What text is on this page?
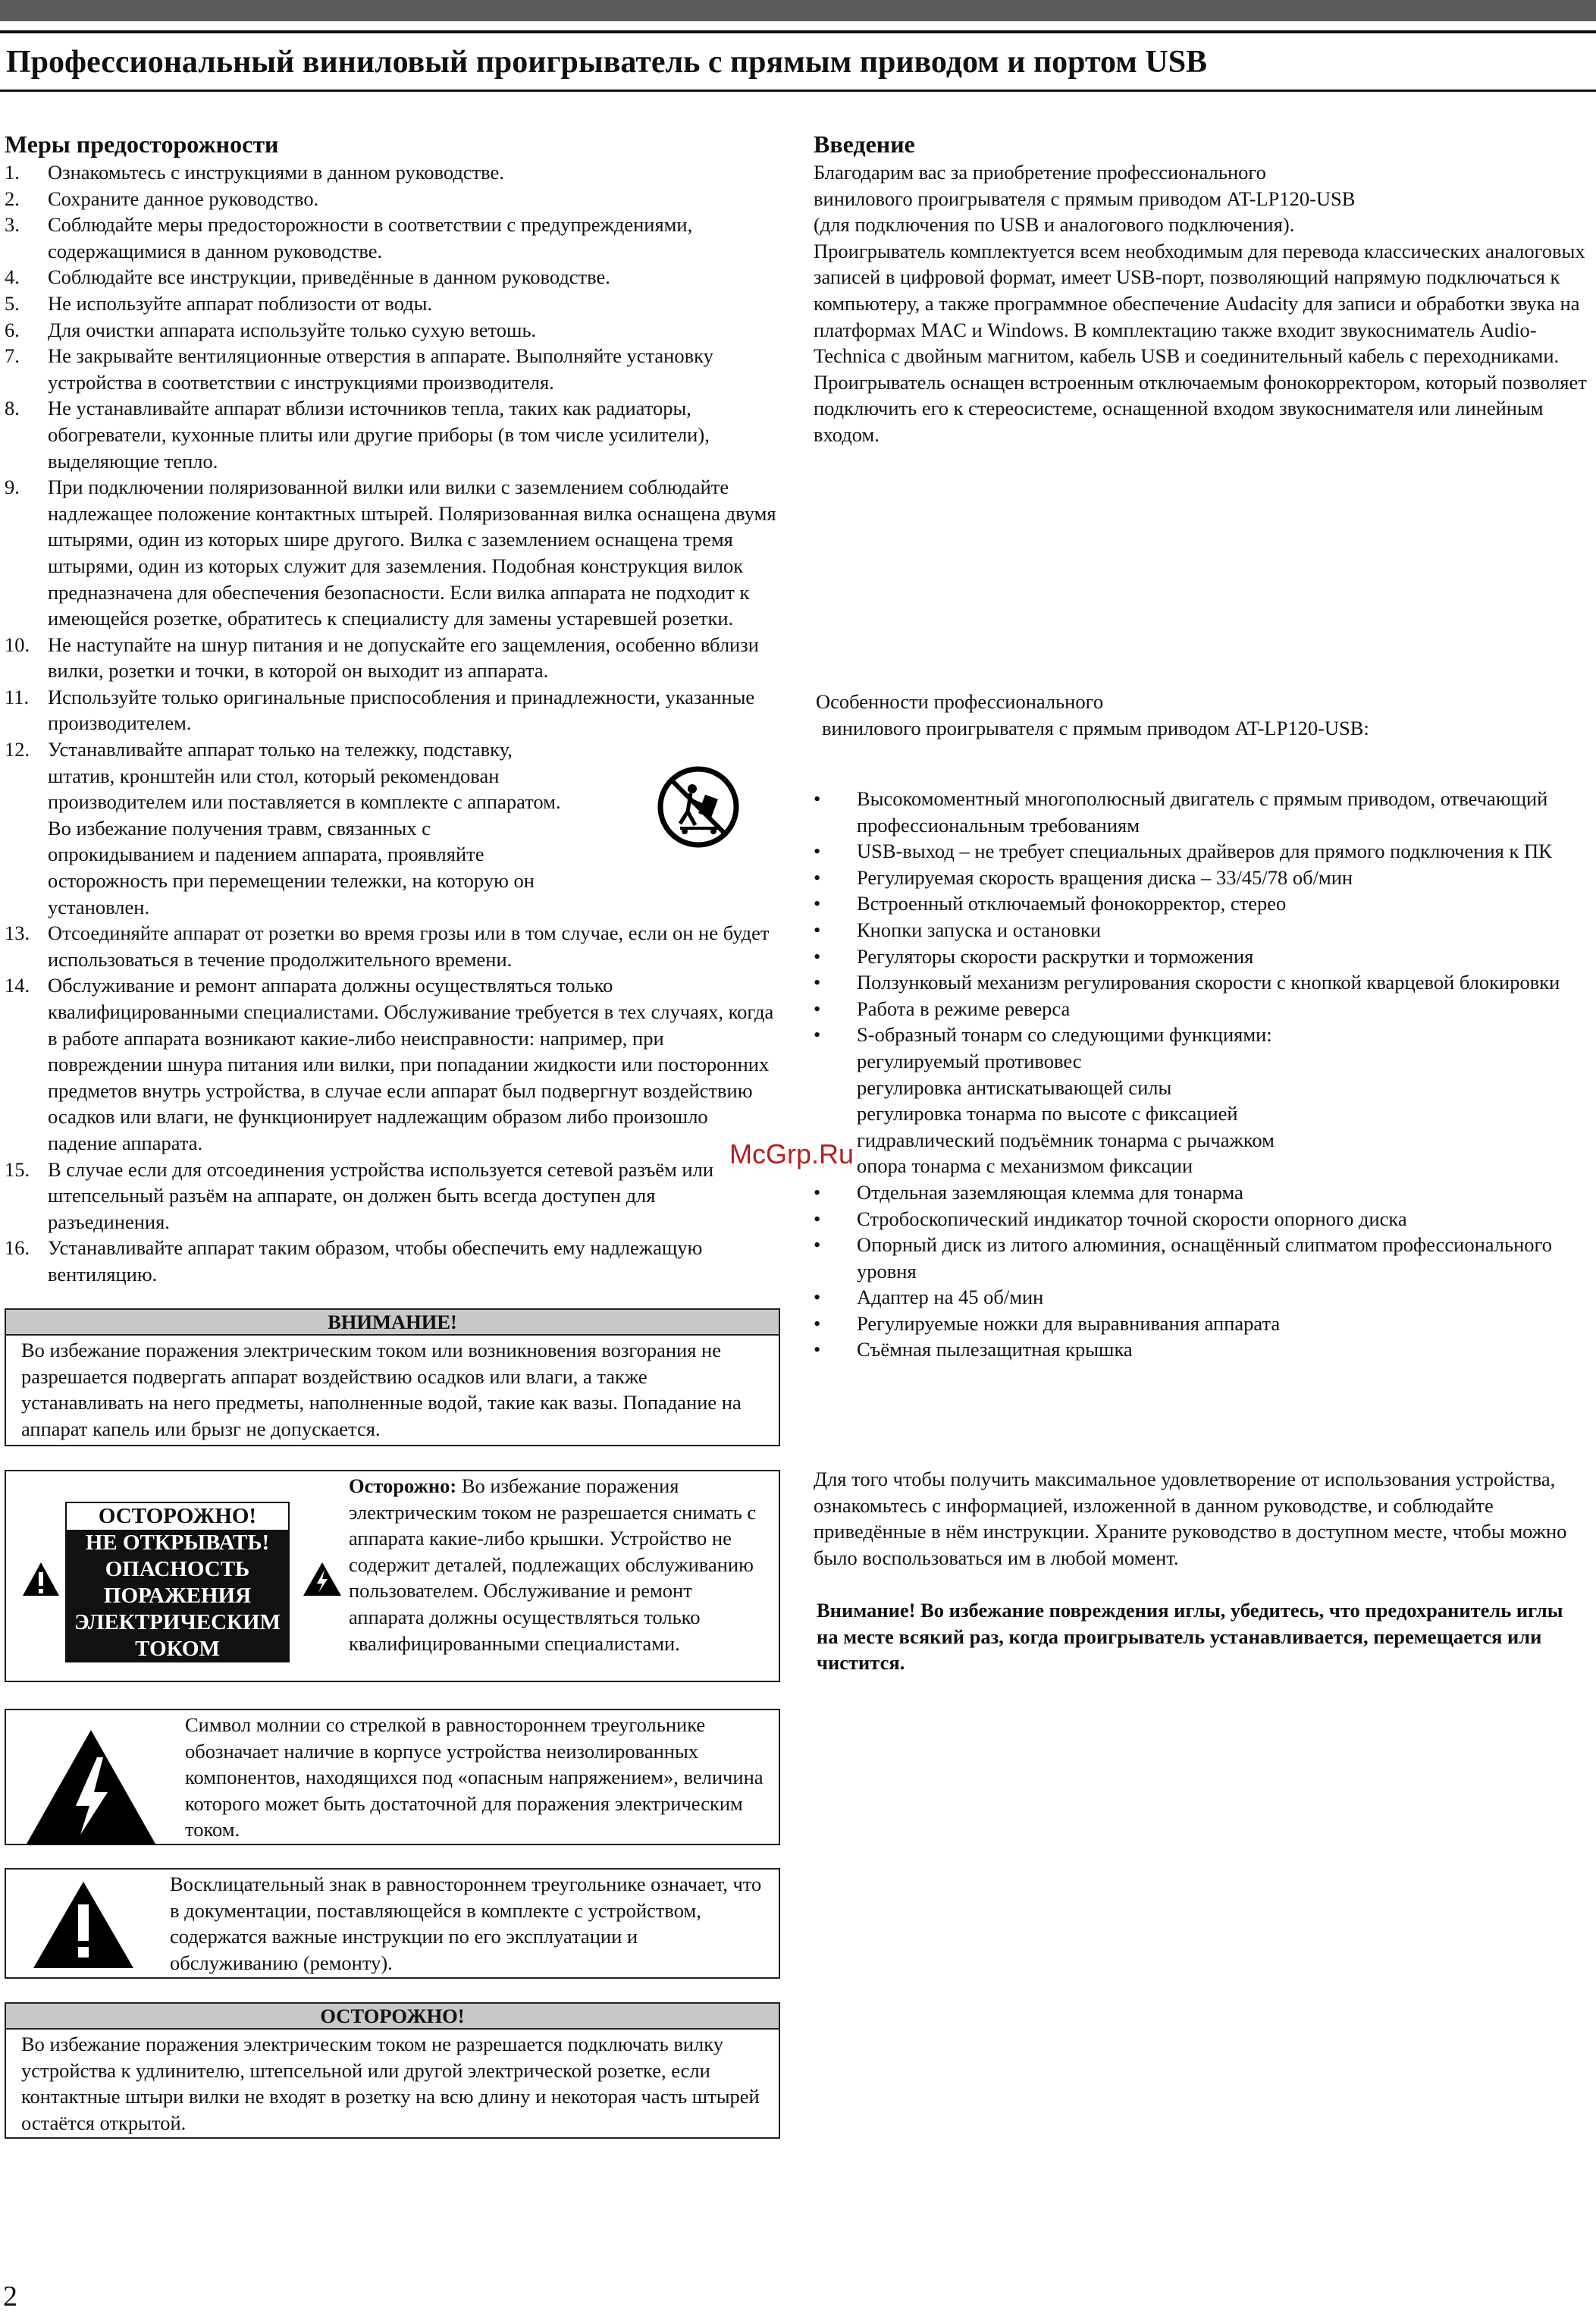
Профессиональный виниловый проигрыватель с прямым приводом и портом USB
Меры предосторожности
1. Ознакомьтесь с инструкциями в данном руководстве.
2. Сохраните данное руководство.
3. Соблюдайте меры предосторожности в соответствии с предупреждениями, содержащимися в данном руководстве.
4. Соблюдайте все инструкции, приведённые в данном руководстве.
5. Не используйте аппарат поблизости от воды.
6. Для очистки аппарата используйте только сухую ветошь.
7. Не закрывайте вентиляционные отверстия в аппарате. Выполняйте установку устройства в соответствии с инструкциями производителя.
8. Не устанавливайте аппарат вблизи источников тепла, таких как радиаторы, обогреватели, кухонные плиты или другие приборы (в том числе усилители), выделяющие тепло.
9. При подключении поляризованной вилки или вилки с заземлением соблюдайте надлежащее положение контактных штырей. Поляризованная вилка оснащена двумя штырями, один из которых шире другого. Вилка с заземлением оснащена тремя штырями, один из которых служит для заземления. Подобная конструкция вилок предназначена для обеспечения безопасности. Если вилка аппарата не подходит к имеющейся розетке, обратитесь к специалисту для замены устаревшей розетки.
10. Не наступайте на шнур питания и не допускайте его защемления, особенно вблизи вилки, розетки и точки, в которой он выходит из аппарата.
11. Используйте только оригинальные приспособления и принадлежности, указанные производителем.
12. Устанавливайте аппарат только на тележку, подставку, штатив, кронштейн или стол, который рекомендован производителем или поставляется в комплекте с аппаратом. Во избежание получения травм, связанных с опрокидыванием и падением аппарата, проявляйте осторожность при перемещении тележки, на которую он установлен.
13. Отсоединяйте аппарат от розетки во время грозы или в том случае, если он не будет использоваться в течение продолжительного времени.
14. Обслуживание и ремонт аппарата должны осуществляться только квалифицированными специалистами. Обслуживание требуется в тех случаях, когда в работе аппарата возникают какие-либо неисправности: например, при повреждении шнура питания или вилки, при попадании жидкости или посторонних предметов внутрь устройства, в случае если аппарат был подвергнут воздействию осадков или влаги, не функционирует надлежащим образом либо произошло падение аппарата.
15. В случае если для отсоединения устройства используется сетевой разъём или штепсельный разъём на аппарате, он должен быть всегда доступен для разъединения.
16. Устанавливайте аппарат таким образом, чтобы обеспечить ему надлежащую вентиляцию.
ВНИМАНИЕ!
Во избежание поражения электрическим током или возникновения возгорания не разрешается подвергать аппарат воздействию осадков или влаги, а также устанавливать на него предметы, наполненные водой, такие как вазы. Попадание на аппарат капель или брызг не допускается.
ОСТОРОЖНО!
НЕ ОТКРЫВАТЬ!
ОПАСНОСТЬ
ПОРАЖЕНИЯ
ЭЛЕКТРИЧЕСКИМ
ТОКОМ
Осторожно: Во избежание поражения электрическим током не разрешается снимать с аппарата какие-либо крышки. Устройство не содержит деталей, подлежащих обслуживанию пользователем. Обслуживание и ремонт аппарата должны осуществляться только квалифицированными специалистами.
Символ молнии со стрелкой в равностороннем треугольнике обозначает наличие в корпусе устройства неизолированных компонентов, находящихся под «опасным напряжением», величина которого может быть достаточной для поражения электрическим током.
Восклицательный знак в равностороннем треугольнике означает, что в документации, поставляющейся в комплекте с устройством, содержатся важные инструкции по его эксплуатации и обслуживанию (ремонту).
ОСТОРОЖНО!
Во избежание поражения электрическим током не разрешается подключать вилку устройства к удлинителю, штепсельной или другой электрической розетке, если контактные штыри вилки не входят в розетку на всю длину и некоторая часть штырей остаётся открытой.
Введение
Благодарим вас за приобретение профессионального
винилового проигрывателя с прямым приводом AT-LP120-USB
(для подключения по USB и аналогового подключения).
Проигрыватель комплектуется всем необходимым для перевода классических аналоговых записей в цифровой формат, имеет USB-порт, позволяющий напрямую подключаться к компьютеру, а также программное обеспечение Audacity для записи и обработки звука на платформах MAC и Windows. В комплектацию также входит звукосниматель Audio-Technica с двойным магнитом, кабель USB и соединительный кабель с переходниками.
Проигрыватель оснащен встроенным отключаемым фонокорректором, который позволяет подключить его к стереосистеме, оснащенной входом звукоснимателя или линейным входом.
Особенности профессионального
винилового проигрывателя с прямым приводом AT-LP120-USB:
• Высокомоментный многополюсный двигатель с прямым приводом, отвечающий профессиональным требованиям
• USB-выход – не требует специальных драйверов для прямого подключения к ПК
• Регулируемая скорость вращения диска – 33/45/78 об/мин
• Встроенный отключаемый фонокорректор, стерео
• Кнопки запуска и остановки
• Регуляторы скорости раскрутки и торможения
• Ползунковый механизм регулирования скорости с кнопкой кварцевой блокировки
• Работа в режиме реверса
• S-образный тонарм со следующими функциями:
регулируемый противовес
регулировка антискатывающей силы
регулировка тонарма по высоте с фиксацией
гидравлический подъёмник тонарма с рычажком
опора тонарма с механизмом фиксации
• Отдельная заземляющая клемма для тонарма
• Стробоскопический индикатор точной скорости опорного диска
• Опорный диск из литого алюминия, оснащённый слипматом профессионального уровня
• Адаптер на 45 об/мин
• Регулируемые ножки для выравнивания аппарата
• Съёмная пылезащитная крышка
Для того чтобы получить максимальное удовлетворение от использования устройства, ознакомьтесь с информацией, изложенной в данном руководстве, и соблюдайте приведённые в нём инструкции. Храните руководство в доступном месте, чтобы можно было воспользоваться им в любой момент.
Внимание! Во избежание повреждения иглы, убедитесь, что предохранитель иглы на месте всякий раз, когда проигрыватель устанавливается, перемещается или чистится.
McGrp.Ru
2
